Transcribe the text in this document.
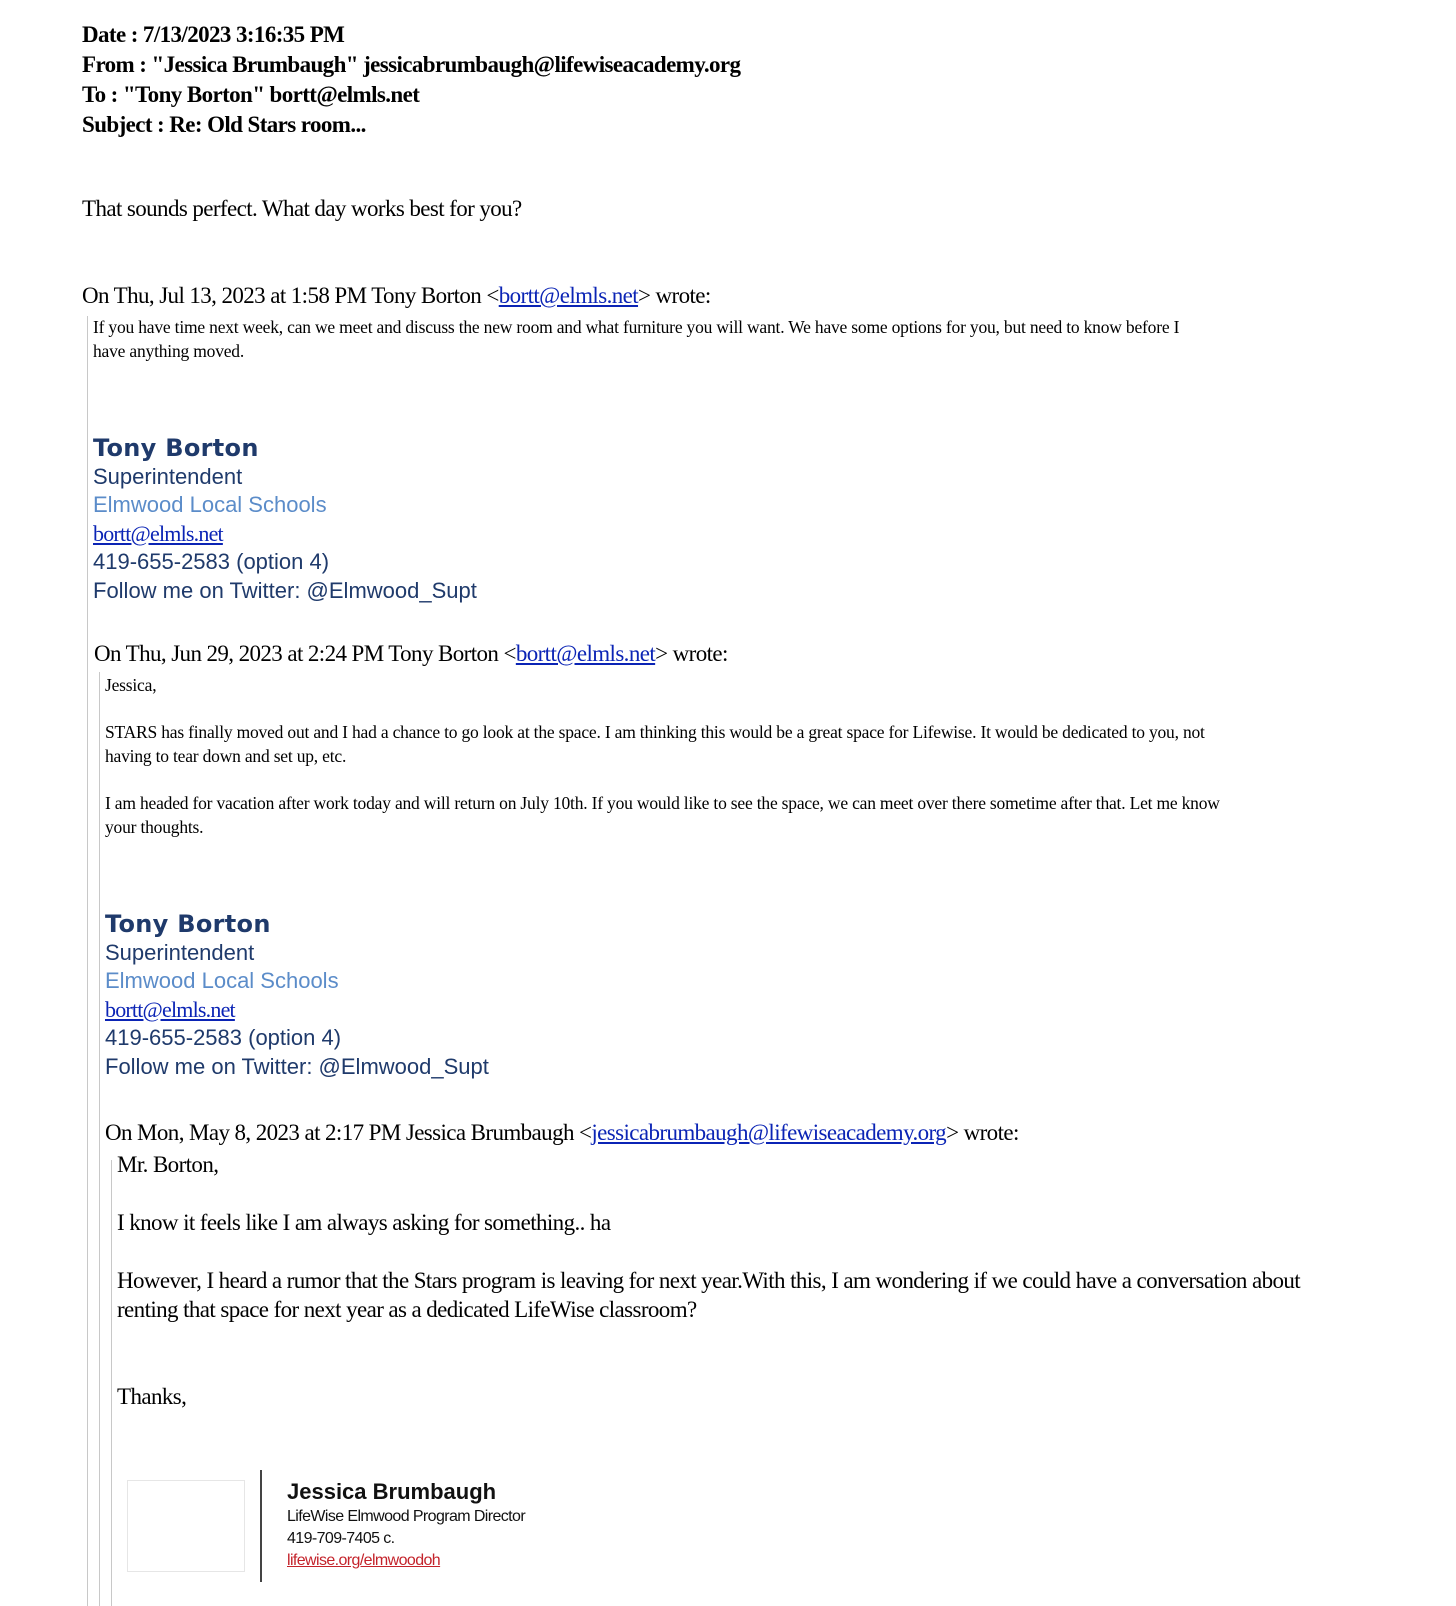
Date : 7/13/2023 3:16:35 PM
From : "Jessica Brumbaugh" jessicabrumbaugh@lifewiseacademy.org
To : "Tony Borton" bortt@elmls.net
Subject : Re: Old Stars room...
That sounds perfect. What day works best for you?
On Thu, Jul 13, 2023 at 1:58 PM Tony Borton <bortt@elmls.net> wrote:
If you have time next week, can we meet and discuss the new room and what furniture you will want. We have some options for you, but need to know before I
have anything moved.
Tony Borton
Superintendent
Elmwood Local Schools
bortt@elmls.net
419-655-2583 (option 4)
Follow me on Twitter: @Elmwood_Supt
On Thu, Jun 29, 2023 at 2:24 PM Tony Borton <bortt@elmls.net> wrote:
Jessica,
STARS has finally moved out and I had a chance to go look at the space. I am thinking this would be a great space for Lifewise. It would be dedicated to you, not
having to tear down and set up, etc.
I am headed for vacation after work today and will return on July 10th. If you would like to see the space, we can meet over there sometime after that. Let me know
your thoughts.
Tony Borton
Superintendent
Elmwood Local Schools
bortt@elmls.net
419-655-2583 (option 4)
Follow me on Twitter: @Elmwood_Supt
On Mon, May 8, 2023 at 2:17 PM Jessica Brumbaugh <jessicabrumbaugh@lifewiseacademy.org> wrote:
Mr. Borton,
I know it feels like I am always asking for something.. ha
However, I heard a rumor that the Stars program is leaving for next year.With this, I am wondering if we could have a conversation about
renting that space for next year as a dedicated LifeWise classroom?
Thanks,
Jessica Brumbaugh
LifeWise Elmwood Program Director
419-709-7405 c.
lifewise.org/elmwoodoh
